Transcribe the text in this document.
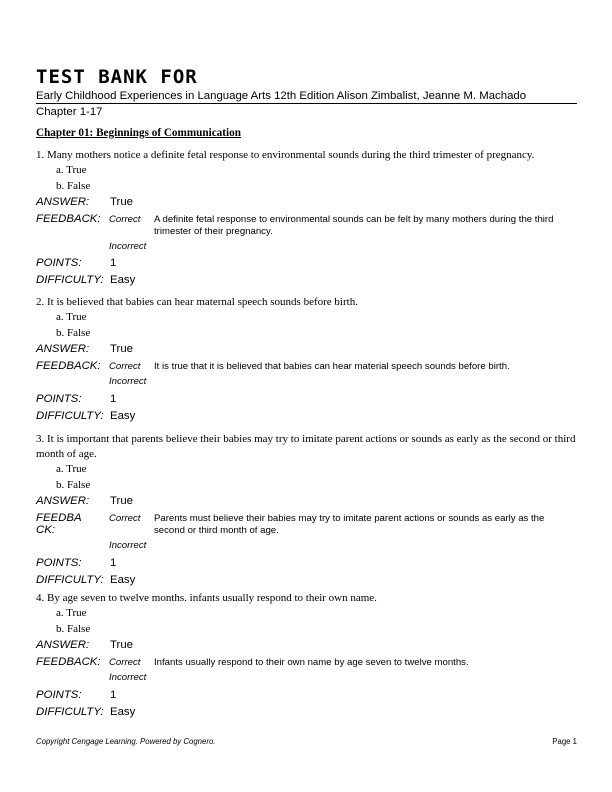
TEST BANK FOR
Early Childhood Experiences in Language Arts 12th Edition Alison Zimbalist, Jeanne M. Machado
Chapter 1-17
Chapter 01: Beginnings of Communication
1. Many mothers notice a definite fetal response to environmental sounds during the third trimester of pregnancy.
a. True
b. False
ANSWER: True
FEEDBACK: Correct A definite fetal response to environmental sounds can be felt by many mothers during the third trimester of their pregnancy.
Incorrect
POINTS: 1
DIFFICULTY: Easy
2. It is believed that babies can hear maternal speech sounds before birth.
a. True
b. False
ANSWER: True
FEEDBACK: Correct It is true that it is believed that babies can hear material speech sounds before birth.
Incorrect
POINTS: 1
DIFFICULTY: Easy
3. It is important that parents believe their babies may try to imitate parent actions or sounds as early as the second or third month of age.
a. True
b. False
ANSWER: True
FEEDBA
CK:
Correct Parents must believe their babies may try to imitate parent actions or sounds as early as the second or third month of age.
Incorrect
POINTS: 1
DIFFICULTY: Easy
4. By age seven to twelve months. infants usually respond to their own name.
a. True
b. False
ANSWER: True
FEEDBACK: Correct Infants usually respond to their own name by age seven to twelve months.
Incorrect
POINTS: 1
DIFFICULTY: Easy
Copyright Cengage Learning. Powered by Cognero.	Page 1
